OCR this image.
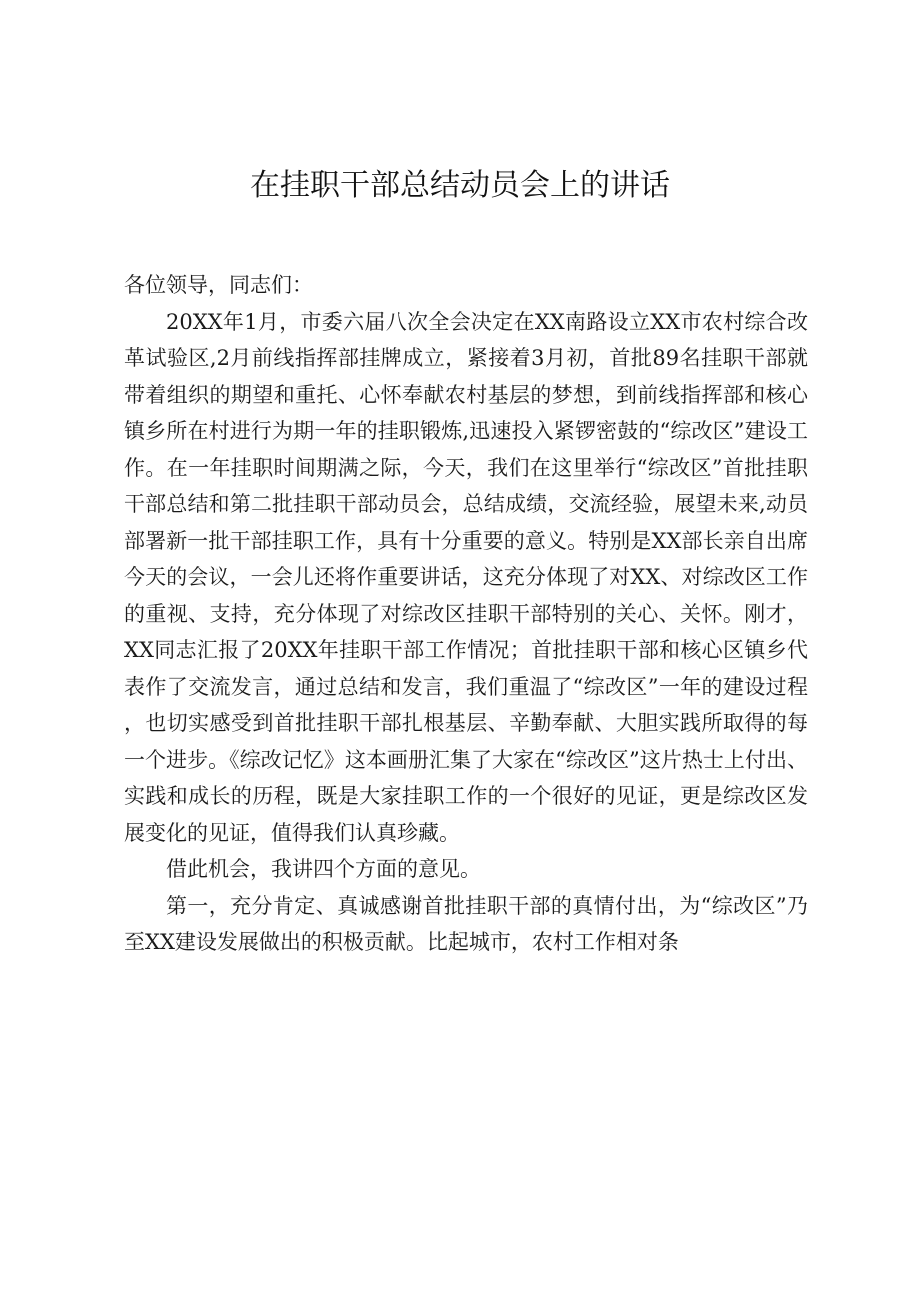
在挂职干部总结动员会上的讲话

各位领导，同志们：

20XX年1月，市委六届八次全会决定在XX南路设立XX市农村综合改革试验区,2月前线指挥部挂牌成立，紧接着3月初，首批89名挂职干部就带着组织的期望和重托、心怀奉献农村基层的梦想，到前线指挥部和核心镇乡所在村进行为期一年的挂职锻炼,迅速投入紧锣密鼓的“综改区”建设工作。在一年挂职时间期满之际，今天，我们在这里举行“综改区”首批挂职干部总结和第二批挂职干部动员会，总结成绩，交流经验，展望未来,动员部署新一批干部挂职工作，具有十分重要的意义。特别是XX部长亲自出席今天的会议，一会儿还将作重要讲话，这充分体现了对XX、对综改区工作的重视、支持，充分体现了对综改区挂职干部特别的关心、关怀。刚才，XX同志汇报了20XX年挂职干部工作情况；首批挂职干部和核心区镇乡代表作了交流发言，通过总结和发言，我们重温了“综改区”一年的建设过程，也切实感受到首批挂职干部扎根基层、辛勤奉献、大胆实践所取得的每一个进步。《综改记忆》这本画册汇集了大家在“综改区”这片热士上付出、实践和成长的历程，既是大家挂职工作的一个很好的见证，更是综改区发展变化的见证，值得我们认真珍藏。

借此机会，我讲四个方面的意见。

第一，充分肯定、真诚感谢首批挂职干部的真情付出，为“综改区”乃至XX建设发展做出的积极贡献。比起城市，农村工作相对条
